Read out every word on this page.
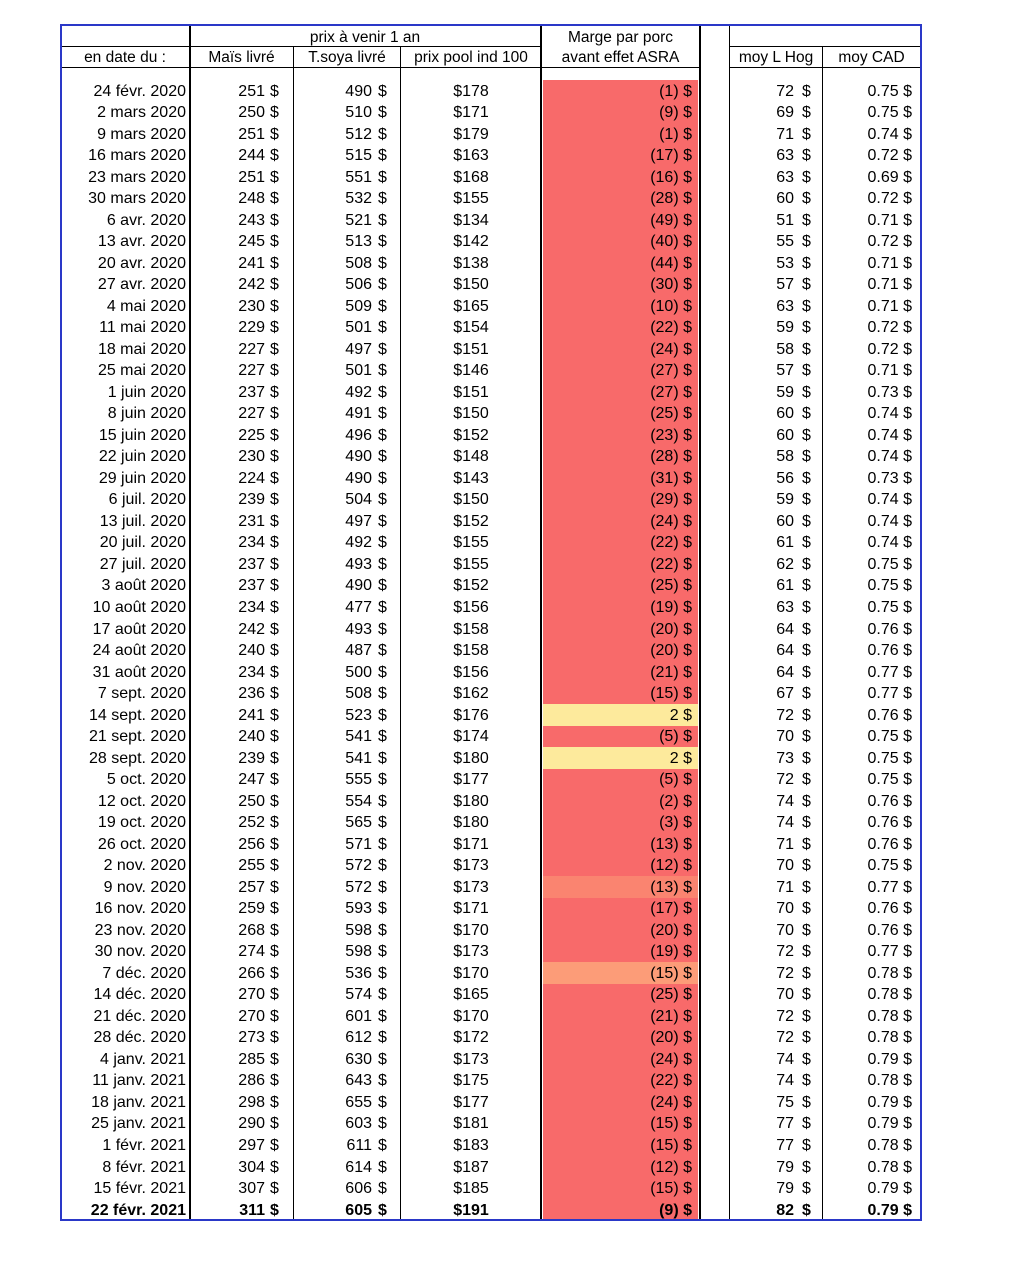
prix à venir 1 an	Marge par porc
en date du :	Maïs livré	T.soya livré	prix pool ind 100	avant effet ASRA	moy L Hog	moy CAD
24 févr. 2020	251 $	490 $	$178	(1) $	72 $	0.75 $
2 mars 2020	250 $	510 $	$171	(9) $	69 $	0.75 $
9 mars 2020	251 $	512 $	$179	(1) $	71 $	0.74 $
16 mars 2020	244 $	515 $	$163	(17) $	63 $	0.72 $
23 mars 2020	251 $	551 $	$168	(16) $	63 $	0.69 $
30 mars 2020	248 $	532 $	$155	(28) $	60 $	0.72 $
6 avr. 2020	243 $	521 $	$134	(49) $	51 $	0.71 $
13 avr. 2020	245 $	513 $	$142	(40) $	55 $	0.72 $
20 avr. 2020	241 $	508 $	$138	(44) $	53 $	0.71 $
27 avr. 2020	242 $	506 $	$150	(30) $	57 $	0.71 $
4 mai 2020	230 $	509 $	$165	(10) $	63 $	0.71 $
11 mai 2020	229 $	501 $	$154	(22) $	59 $	0.72 $
18 mai 2020	227 $	497 $	$151	(24) $	58 $	0.72 $
25 mai 2020	227 $	501 $	$146	(27) $	57 $	0.71 $
1 juin 2020	237 $	492 $	$151	(27) $	59 $	0.73 $
8 juin 2020	227 $	491 $	$150	(25) $	60 $	0.74 $
15 juin 2020	225 $	496 $	$152	(23) $	60 $	0.74 $
22 juin 2020	230 $	490 $	$148	(28) $	58 $	0.74 $
29 juin 2020	224 $	490 $	$143	(31) $	56 $	0.73 $
6 juil. 2020	239 $	504 $	$150	(29) $	59 $	0.74 $
13 juil. 2020	231 $	497 $	$152	(24) $	60 $	0.74 $
20 juil. 2020	234 $	492 $	$155	(22) $	61 $	0.74 $
27 juil. 2020	237 $	493 $	$155	(22) $	62 $	0.75 $
3 août 2020	237 $	490 $	$152	(25) $	61 $	0.75 $
10 août 2020	234 $	477 $	$156	(19) $	63 $	0.75 $
17 août 2020	242 $	493 $	$158	(20) $	64 $	0.76 $
24 août 2020	240 $	487 $	$158	(20) $	64 $	0.76 $
31 août 2020	234 $	500 $	$156	(21) $	64 $	0.77 $
7 sept. 2020	236 $	508 $	$162	(15) $	67 $	0.77 $
14 sept. 2020	241 $	523 $	$176	2 $	72 $	0.76 $
21 sept. 2020	240 $	541 $	$174	(5) $	70 $	0.75 $
28 sept. 2020	239 $	541 $	$180	2 $	73 $	0.75 $
5 oct. 2020	247 $	555 $	$177	(5) $	72 $	0.75 $
12 oct. 2020	250 $	554 $	$180	(2) $	74 $	0.76 $
19 oct. 2020	252 $	565 $	$180	(3) $	74 $	0.76 $
26 oct. 2020	256 $	571 $	$171	(13) $	71 $	0.76 $
2 nov. 2020	255 $	572 $	$173	(12) $	70 $	0.75 $
9 nov. 2020	257 $	572 $	$173	(13) $	71 $	0.77 $
16 nov. 2020	259 $	593 $	$171	(17) $	70 $	0.76 $
23 nov. 2020	268 $	598 $	$170	(20) $	70 $	0.76 $
30 nov. 2020	274 $	598 $	$173	(19) $	72 $	0.77 $
7 déc. 2020	266 $	536 $	$170	(15) $	72 $	0.78 $
14 déc. 2020	270 $	574 $	$165	(25) $	70 $	0.78 $
21 déc. 2020	270 $	601 $	$170	(21) $	72 $	0.78 $
28 déc. 2020	273 $	612 $	$172	(20) $	72 $	0.78 $
4 janv. 2021	285 $	630 $	$173	(24) $	74 $	0.79 $
11 janv. 2021	286 $	643 $	$175	(22) $	74 $	0.78 $
18 janv. 2021	298 $	655 $	$177	(24) $	75 $	0.79 $
25 janv. 2021	290 $	603 $	$181	(15) $	77 $	0.79 $
1 févr. 2021	297 $	611 $	$183	(15) $	77 $	0.78 $
8 févr. 2021	304 $	614 $	$187	(12) $	79 $	0.78 $
15 févr. 2021	307 $	606 $	$185	(15) $	79 $	0.79 $
22 févr. 2021	311 $	605 $	$191	(9) $	82 $	0.79 $
